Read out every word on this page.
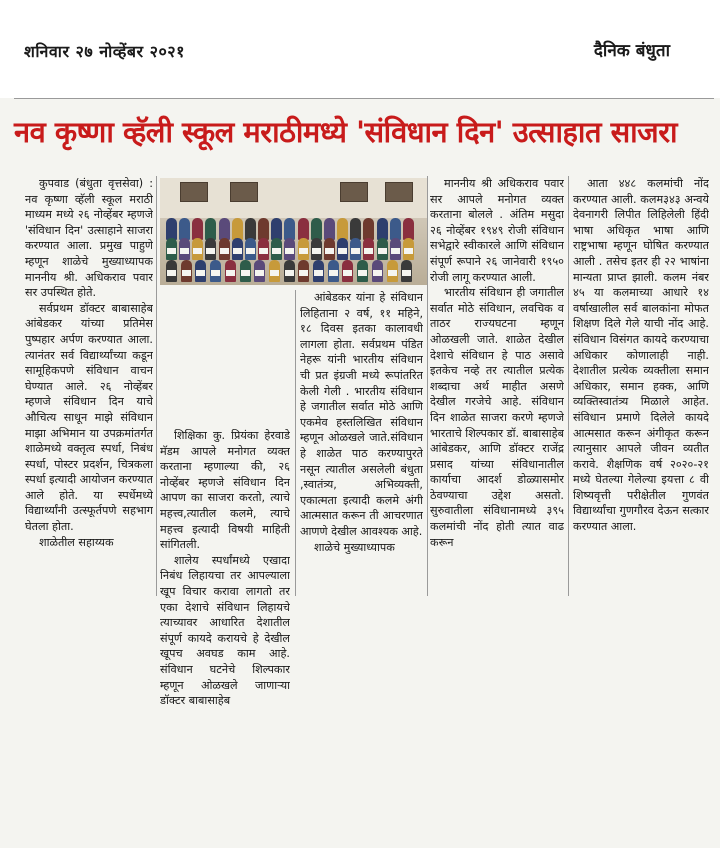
शनिवार २७ नोव्हेंबर २०२१	दैनिक बंधुता
नव कृष्णा व्हॅली स्कूल मराठीमध्ये 'संविधान दिन' उत्साहात साजरा

कुपवाड (बंधुता वृत्तसेवा) : नव कृष्णा व्हॅली स्कूल मराठी माध्यम मध्ये २६ नोव्हेंबर म्हणजे 'संविधान दिन' उत्साहाने साजरा करण्यात आला. प्रमुख पाहुणे म्हणून शाळेचे मुख्याध्यापक माननीय श्री. अधिकराव पवार सर उपस्थित होते.

सर्वप्रथम डॉक्टर बाबासाहेब आंबेडकर यांच्या प्रतिमेस पुष्पहार अर्पण करण्यात आला. त्यानंतर सर्व विद्यार्थ्यांच्या कडून सामूहिकपणे संविधान वाचन घेण्यात आले. २६ नोव्हेंबर म्हणजे संविधान दिन याचे औचित्य साधून माझे संविधान माझा अभिमान या उपक्रमांतर्गत शाळेमध्ये वक्तृत्व स्पर्धा, निबंध स्पर्धा, पोस्टर प्रदर्शन, चित्रकला स्पर्धा इत्यादी आयोजन करण्यात आले होते. या स्पर्धेमध्ये विद्यार्थ्यांनी उत्स्फूर्तपणे सहभाग घेतला होता.

शाळेतील सहाय्यक

शिक्षिका कु. प्रियंका हेरवाडे मॅडम आपले मनोगत व्यक्त करताना म्हणाल्या की, २६ नोव्हेंबर म्हणजे संविधान दिन आपण का साजरा करतो, त्याचे महत्त्व,त्यातील कलमे, त्याचे महत्त्व इत्यादी विषयी माहिती सांगितली.

शालेय स्पर्धांमध्ये एखादा निबंध लिहायचा तर आपल्याला खूप विचार करावा लागतो तर एका देशाचे संविधान लिहायचे त्याच्यावर आधारित देशातील संपूर्ण कायदे करायचे हे देखील खूपच अवघड काम आहे. संविधान घटनेचे शिल्पकार म्हणून ओळखले जाणाऱ्या डॉक्टर बाबासाहेब

आंबेडकर यांना हे संविधान लिहिताना २ वर्ष, ११ महिने, १८ दिवस इतका कालावधी लागला होता. सर्वप्रथम पंडित नेहरू यांनी भारतीय संविधान ची प्रत इंग्रजी मध्ये रूपांतरित केली गेली . भारतीय संविधान हे जगातील सर्वात मोठे आणि एकमेव हस्तलिखित संविधान म्हणून ओळखले जाते.संविधान हे शाळेत पाठ करण्यापुरते नसून त्यातील असलेली बंधुता ,स्वातंत्र्य, अभिव्यक्ती, एकात्मता इत्यादी कलमे अंगी आत्मसात करून ती आचरणात आणणे देखील आवश्यक आहे.

शाळेचे मुख्याध्यापक

माननीय श्री अधिकराव पवार सर आपले मनोगत व्यक्त करताना बोलले . अंतिम मसुदा २६ नोव्हेंबर १९४९ रोजी संविधान सभेद्वारे स्वीकारले आणि संविधान संपूर्ण रूपाने २६ जानेवारी १९५० रोजी लागू करण्यात आली.

भारतीय संविधान ही जगातील सर्वात मोठे संविधान, लवचिक व ताठर राज्यघटना म्हणून ओळखली जाते. शाळेत देखील देशाचे संविधान हे पाठ असावे इतकेच नव्हे तर त्यातील प्रत्येक शब्दाचा अर्थ माहीत असणे देखील गरजेचे आहे. संविधान दिन शाळेत साजरा करणे म्हणजे भारताचे शिल्पकार डॉ. बाबासाहेब आंबेडकर, आणि डॉक्टर राजेंद्र प्रसाद यांच्या संविधानातील कार्याचा आदर्श डोळ्यासमोर ठेवण्याचा उद्देश असतो. सुरुवातीला संविधानामध्ये ३९५ कलमांची नोंद होती त्यात वाढ करून

आता ४४८ कलमांची नोंद करण्यात आली. कलम३४३ अन्वये देवनागरी लिपीत लिहिलेली हिंदी भाषा अधिकृत भाषा आणि राष्ट्रभाषा म्हणून घोषित करण्यात आली . तसेच इतर ही २२ भाषांना मान्यता प्राप्त झाली. कलम नंबर ४५ या कलमाच्या आधारे १४ वर्षाखालील सर्व बालकांना मोफत शिक्षण दिले गेले याची नोंद आहे. संविधान विसंगत कायदे करण्याचा अधिकार कोणालाही नाही. देशातील प्रत्येक व्यक्तीला समान अधिकार, समान हक्क, आणि व्यक्तिस्वातंत्र्य मिळाले आहेत. संविधान प्रमाणे दिलेले कायदे आत्मसात करून अंगीकृत करून त्यानुसार आपले जीवन व्यतीत करावे. शैक्षणिक वर्ष २०२०-२१ मध्ये घेतल्या गेलेल्या इयत्ता ८ वी शिष्यवृत्ती परीक्षेतील गुणवंत विद्यार्थ्यांचा गुणगौरव देऊन सत्कार करण्यात आला.
